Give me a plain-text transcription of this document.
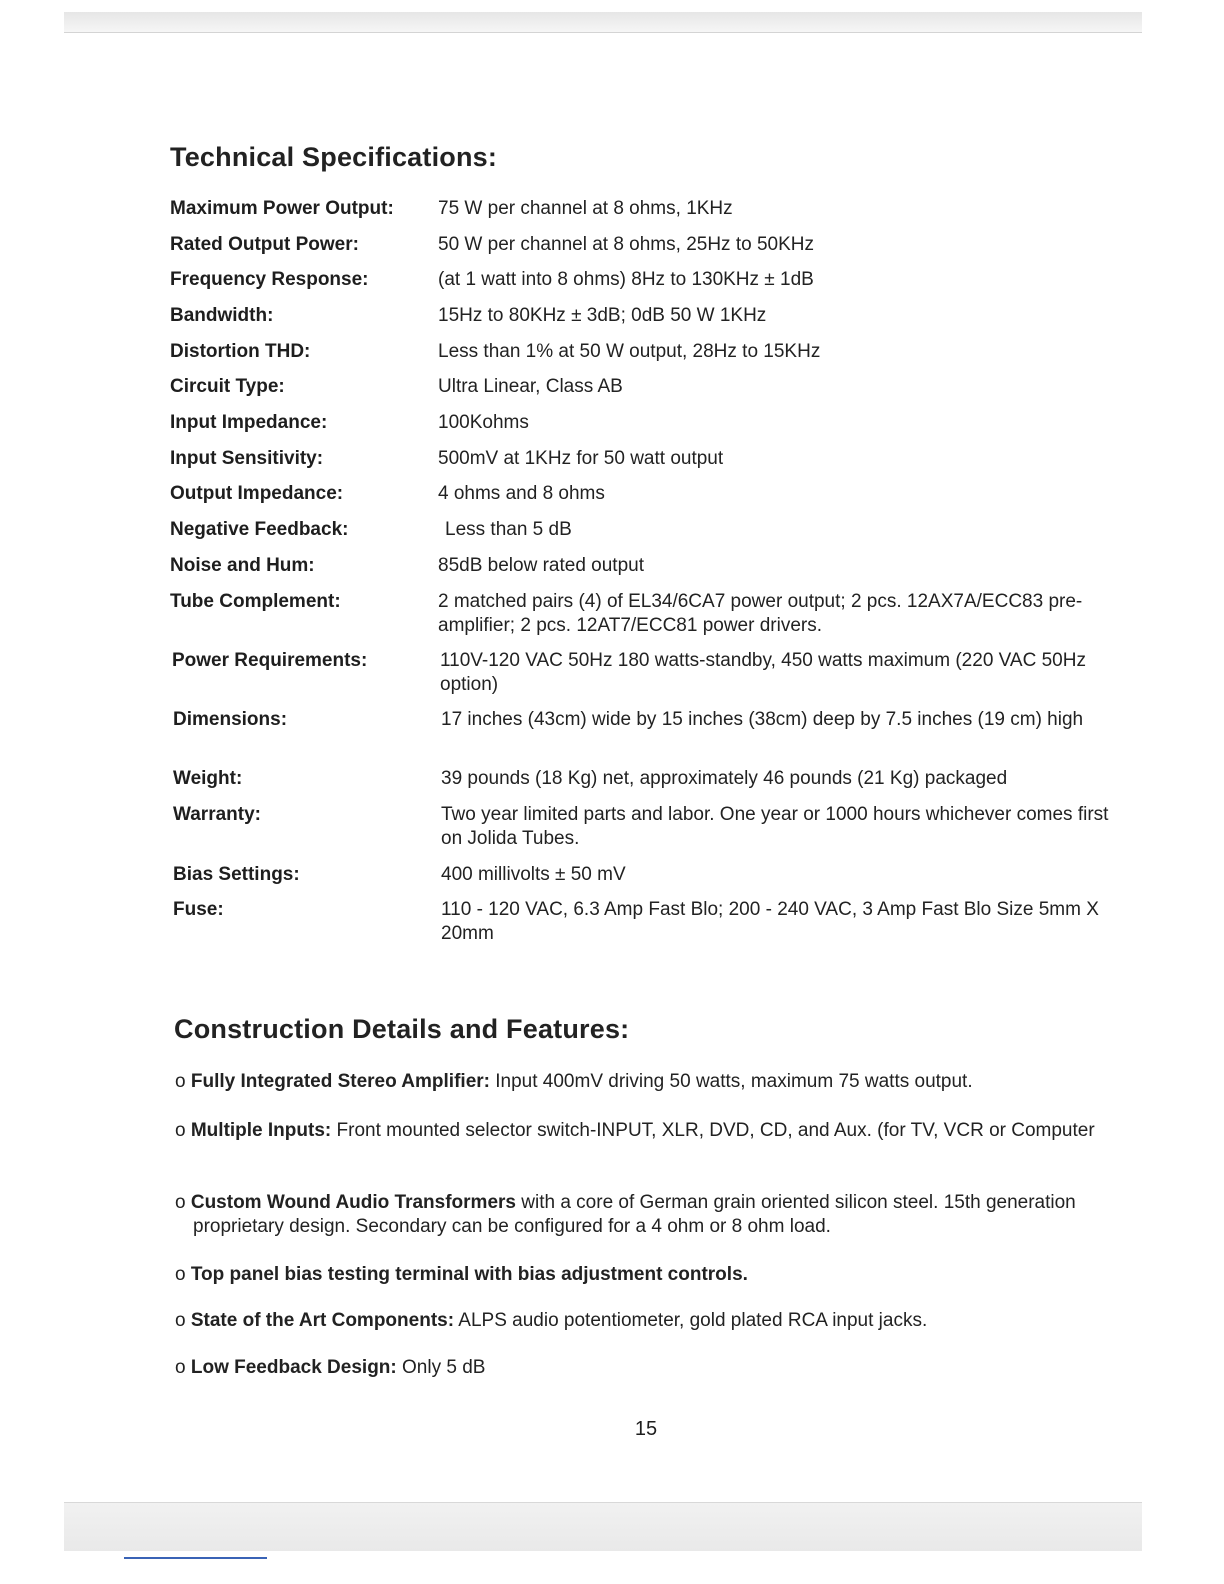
Technical Specifications:
Maximum Power Output: 75 W per channel at 8 ohms, 1KHz
Rated Output Power:	50 W per channel at 8 ohms, 25Hz to 50KHz
Frequency Response:	(at 1 watt into 8 ohms) 8Hz to 130KHz ± 1dB
Bandwidth:	15Hz to 80KHz ± 3dB; 0dB 50 W 1KHz
Distortion THD:	Less than 1% at 50 W output, 28Hz to 15KHz
Circuit Type:	Ultra Linear, Class AB
Input Impedance:	100Kohms
Input Sensitivity:	500mV at 1KHz for 50 watt output
Output Impedance:	4 ohms and 8 ohms
Negative Feedback:	Less than 5 dB
Noise and Hum:	85dB below rated output
Tube Complement:	2 matched pairs (4) of EL34/6CA7 power output; 2 pcs. 12AX7A/ECC83 pre-amplifier; 2 pcs. 12AT7/ECC81 power drivers.
Power Requirements:	110V-120 VAC 50Hz 180 watts-standby, 450 watts maximum (220 VAC 50Hz option)
Dimensions:	17 inches (43cm) wide by 15 inches (38cm) deep by 7.5 inches (19 cm) high
Weight:	39 pounds (18 Kg) net, approximately 46 pounds (21 Kg) packaged
Warranty:	Two year limited parts and labor. One year or 1000 hours whichever comes first on Jolida Tubes.
Bias Settings:	400 millivolts ± 50 mV
Fuse:	110 - 120 VAC, 6.3 Amp Fast Blo; 200 - 240 VAC, 3 Amp Fast Blo Size 5mm X 20mm
Construction Details and Features:
o Fully Integrated Stereo Amplifier: Input 400mV driving 50 watts, maximum 75 watts output.
o Multiple Inputs: Front mounted selector switch-INPUT, XLR, DVD, CD, and Aux. (for TV, VCR or Computer
o Custom Wound Audio Transformers with a core of German grain oriented silicon steel. 15th generation proprietary design. Secondary can be configured for a 4 ohm or 8 ohm load.
o Top panel bias testing terminal with bias adjustment controls.
o State of the Art Components: ALPS audio potentiometer, gold plated RCA input jacks.
o Low Feedback Design: Only 5 dB
15
